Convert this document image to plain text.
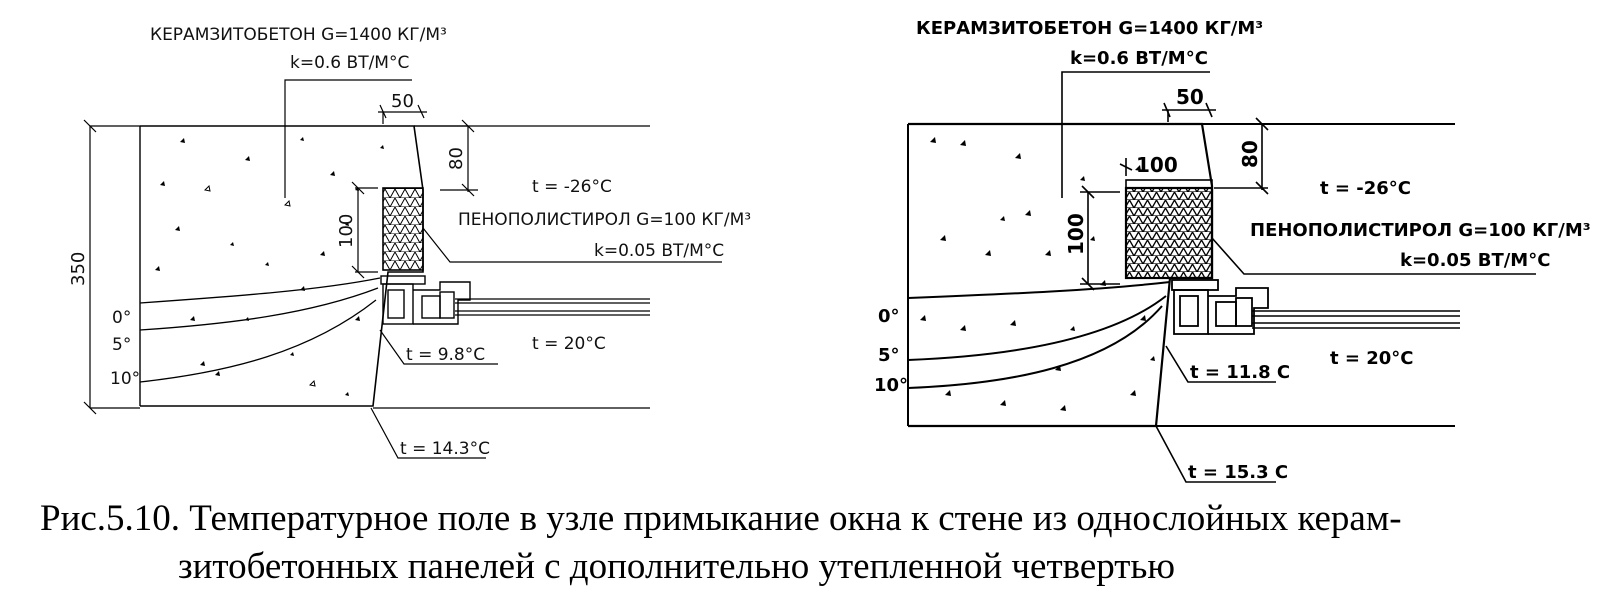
50
80
100
350
КЕРАМЗИТОБЕТОН G=1400 КГ/М³
k=0.6 ВТ/М°С
ПЕНОПОЛИСТИРОЛ G=100 КГ/М³
k=0.05 ВТ/М°С
t = -26°С
t = 20°С
t = 9.8°С
t = 14.3°С
0°
5°
10°
50
80
100
100
КЕРАМЗИТОБЕТОН G=1400 КГ/М³
k=0.6 ВТ/М°С
ПЕНОПОЛИСТИРОЛ G=100 КГ/М³
k=0.05 ВТ/М°С
t = -26°С
t = 20°С
t = 11.8 С
t = 15.3 С
0°
5°
10°
Рис.5.10. Температурное поле в узле примыкание окна к стене из однослойных керам-
зитобетонных панелей с дополнительно утепленной четвертью
